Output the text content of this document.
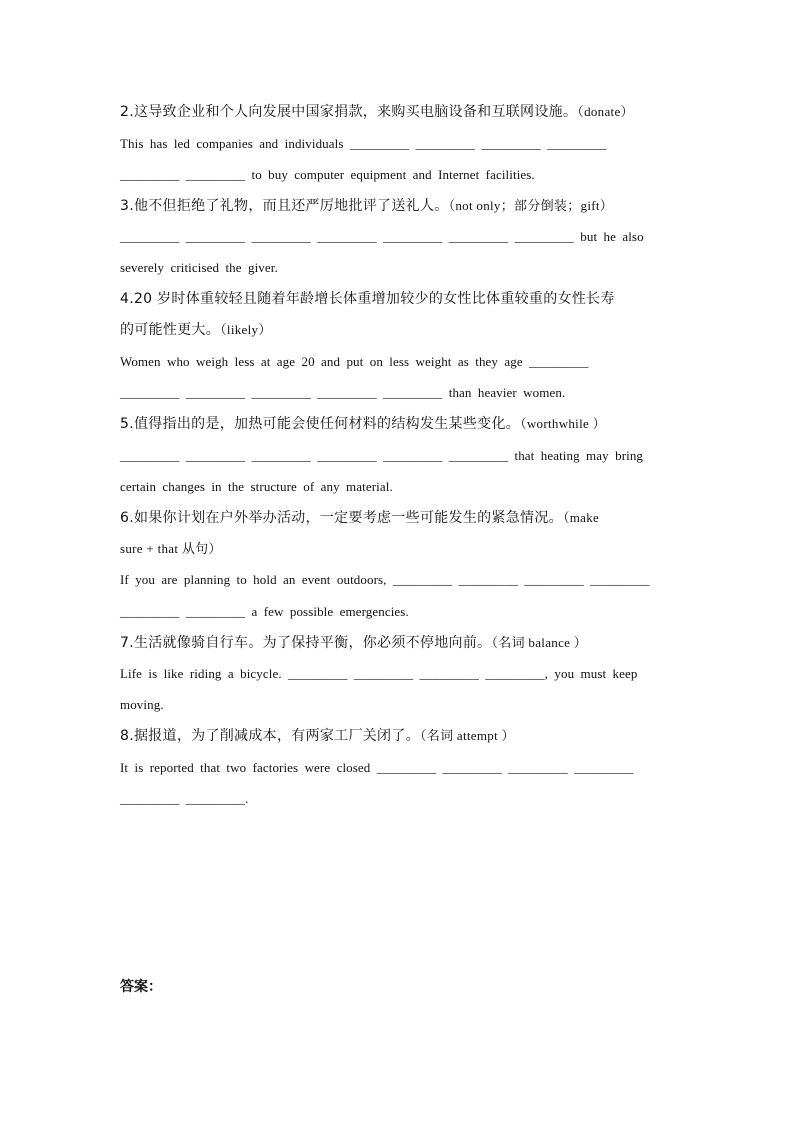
2.这导致企业和个人向发展中国家捐款，来购买电脑设备和互联网设施。（donate）
This has led companies and individuals _________ _________ _________ _________
_________ _________ to buy computer equipment and Internet facilities.
3.他不但拒绝了礼物，而且还严厉地批评了送礼人。（not only；部分倒装；gift）
_________ _________ _________ _________ _________ _________ _________ but he also
severely criticised the giver.
4.20 岁时体重较轻且随着年龄增长体重增加较少的女性比体重较重的女性长寿
的可能性更大。（likely）
Women who weigh less at age 20 and put on less weight as they age _________
_________ _________ _________ _________ _________ than heavier women.
5.值得指出的是，加热可能会使任何材料的结构发生某些变化。（worthwhile ）
_________ _________ _________ _________ _________ _________ that heating may bring
certain changes in the structure of any material.
6.如果你计划在户外举办活动，一定要考虑一些可能发生的紧急情况。（make
sure + that 从句）
If you are planning to hold an event outdoors, _________ _________ _________ _________
_________ _________ a few possible emergencies.
7.生活就像骑自行车。为了保持平衡，你必须不停地向前。（名词 balance ）
Life is like riding a bicycle. _________ _________ _________ _________, you must keep
moving.
8.据报道，为了削减成本，有两家工厂关闭了。（名词 attempt ）
It is reported that two factories were closed _________ _________ _________ _________
_________ _________.
答案：
